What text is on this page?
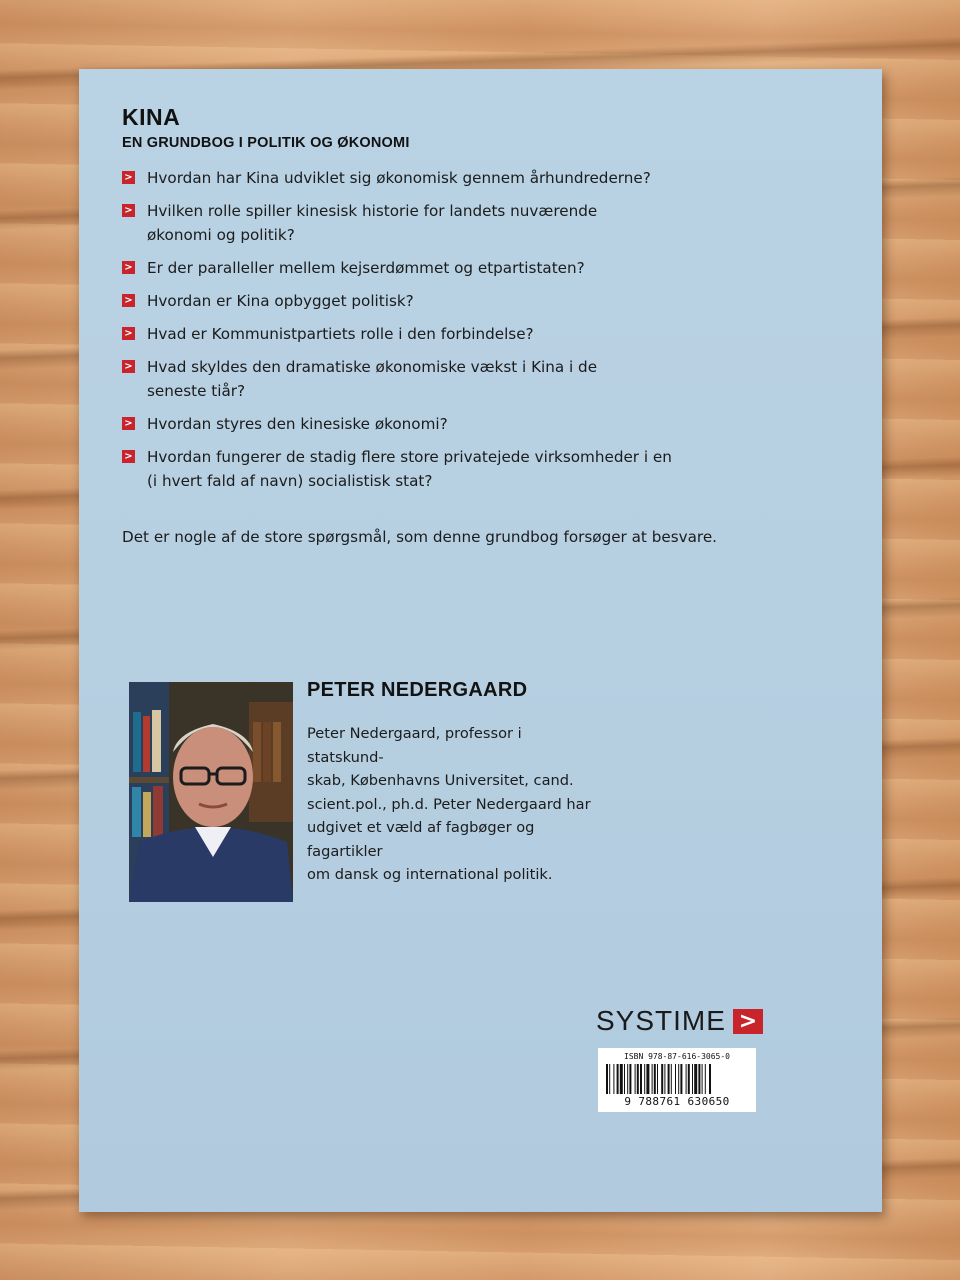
KINA
EN GRUNDBOG I POLITIK OG ØKONOMI
> Hvordan har Kina udviklet sig økonomisk gennem århundrederne?
> Hvilken rolle spiller kinesisk historie for landets nuværende
økonomi og politik?
> Er der paralleller mellem kejserdømmet og etpartistaten?
> Hvordan er Kina opbygget politisk?
> Hvad er Kommunistpartiets rolle i den forbindelse?
> Hvad skyldes den dramatiske økonomiske vækst i Kina i de
seneste tiår?
> Hvordan styres den kinesiske økonomi?
> Hvordan fungerer de stadig flere store privatejede virksomheder i en
(i hvert fald af navn) socialistisk stat?
Det er nogle af de store spørgsmål, som denne grundbog forsøger at besvare.
PETER NEDERGAARD
Peter Nedergaard, professor i statskund-
skab, Københavns Universitet, cand.
scient.pol., ph.d. Peter Nedergaard har
udgivet et væld af fagbøger og fagartikler
om dansk og international politik.
SYSTIME >
ISBN 978-87-616-3065-0
9 788761 630650
